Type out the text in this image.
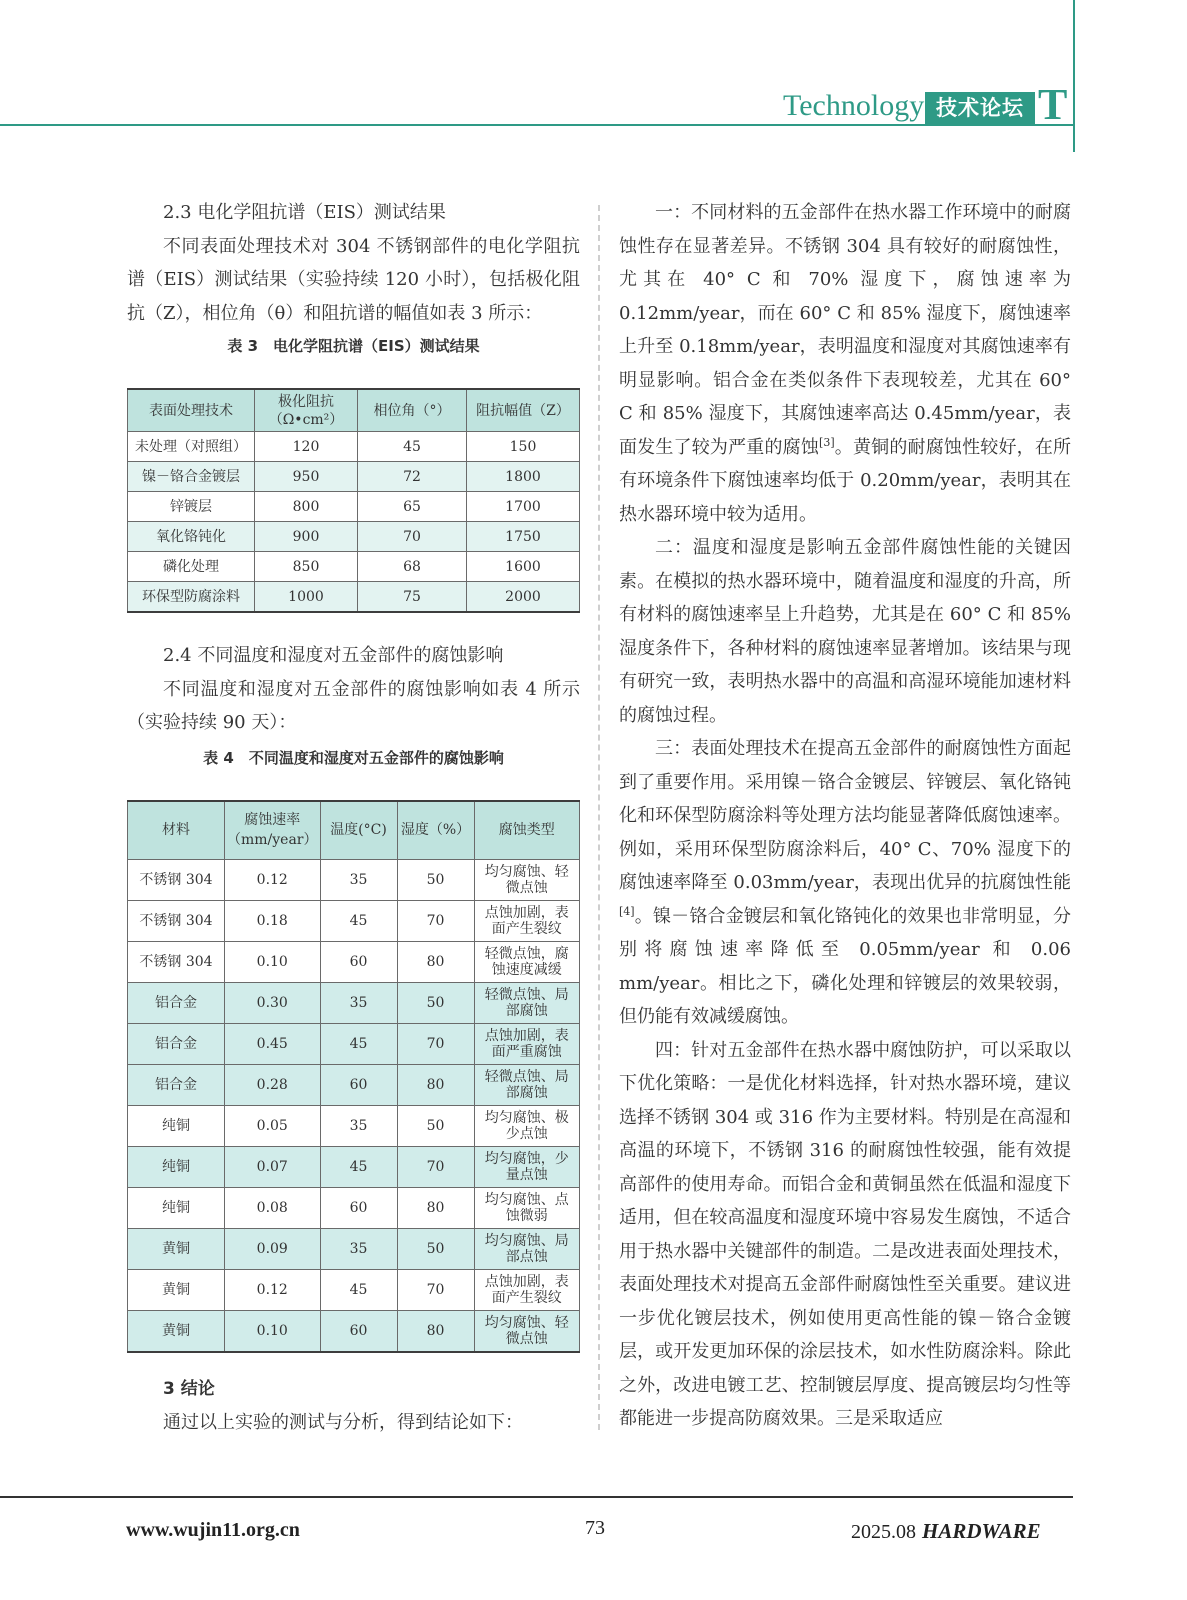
Technology 技术论坛 T

2.3 电化学阻抗谱（EIS）测试结果

不同表面处理技术对 304 不锈钢部件的电化学阻抗谱（EIS）测试结果（实验持续 120 小时），包括极化阻抗（Z），相位角（θ）和阻抗谱的幅值如表 3 所示：

表 3　电化学阻抗谱（EIS）测试结果
表面处理技术	极化阻抗（Ω•cm²）	相位角（°）	阻抗幅值（Z）
未处理（对照组）	120	45	150
镍－铬合金镀层	950	72	1800
锌镀层	800	65	1700
氧化铬钝化	900	70	1750
磷化处理	850	68	1600
环保型防腐涂料	1000	75	2000

2.4 不同温度和湿度对五金部件的腐蚀影响

不同温度和湿度对五金部件的腐蚀影响如表 4 所示（实验持续 90 天）：

表 4　不同温度和湿度对五金部件的腐蚀影响
材料	腐蚀速率（mm/year）	温度(°C)	湿度（%）	腐蚀类型
不锈钢 304	0.12	35	50	均匀腐蚀、轻微点蚀
不锈钢 304	0.18	45	70	点蚀加剧，表面产生裂纹
不锈钢 304	0.10	60	80	轻微点蚀，腐蚀速度减缓
铝合金	0.30	35	50	轻微点蚀、局部腐蚀
铝合金	0.45	45	70	点蚀加剧，表面严重腐蚀
铝合金	0.28	60	80	轻微点蚀、局部腐蚀
纯铜	0.05	35	50	均匀腐蚀、极少点蚀
纯铜	0.07	45	70	均匀腐蚀，少量点蚀
纯铜	0.08	60	80	均匀腐蚀、点蚀微弱
黄铜	0.09	35	50	均匀腐蚀、局部点蚀
黄铜	0.12	45	70	点蚀加剧，表面产生裂纹
黄铜	0.10	60	80	均匀腐蚀、轻微点蚀

3 结论

通过以上实验的测试与分析，得到结论如下：

一：不同材料的五金部件在热水器工作环境中的耐腐蚀性存在显著差异。不锈钢 304 具有较好的耐腐蚀性，尤其在 40° C 和 70% 湿度下，腐蚀速率为 0.12mm/year，而在 60° C 和 85% 湿度下，腐蚀速率上升至 0.18mm/year，表明温度和湿度对其腐蚀速率有明显影响。铝合金在类似条件下表现较差，尤其在 60° C 和 85% 湿度下，其腐蚀速率高达 0.45mm/year，表面发生了较为严重的腐蚀[3]。黄铜的耐腐蚀性较好，在所有环境条件下腐蚀速率均低于 0.20mm/year，表明其在热水器环境中较为适用。

二：温度和湿度是影响五金部件腐蚀性能的关键因素。在模拟的热水器环境中，随着温度和湿度的升高，所有材料的腐蚀速率呈上升趋势，尤其是在 60° C 和 85% 湿度条件下，各种材料的腐蚀速率显著增加。该结果与现有研究一致，表明热水器中的高温和高湿环境能加速材料的腐蚀过程。

三：表面处理技术在提高五金部件的耐腐蚀性方面起到了重要作用。采用镍－铬合金镀层、锌镀层、氧化铬钝化和环保型防腐涂料等处理方法均能显著降低腐蚀速率。例如，采用环保型防腐涂料后，40° C、70% 湿度下的腐蚀速率降至 0.03mm/year，表现出优异的抗腐蚀性能[4]。镍－铬合金镀层和氧化铬钝化的效果也非常明显，分别将腐蚀速率降低至 0.05mm/year 和 0.06 mm/year。相比之下，磷化处理和锌镀层的效果较弱，但仍能有效减缓腐蚀。

四：针对五金部件在热水器中腐蚀防护，可以采取以下优化策略：一是优化材料选择，针对热水器环境，建议选择不锈钢 304 或 316 作为主要材料。特别是在高湿和高温的环境下，不锈钢 316 的耐腐蚀性较强，能有效提高部件的使用寿命。而铝合金和黄铜虽然在低温和湿度下适用，但在较高温度和湿度环境中容易发生腐蚀，不适合用于热水器中关键部件的制造。二是改进表面处理技术，表面处理技术对提高五金部件耐腐蚀性至关重要。建议进一步优化镀层技术，例如使用更高性能的镍－铬合金镀层，或开发更加环保的涂层技术，如水性防腐涂料。除此之外，改进电镀工艺、控制镀层厚度、提高镀层均匀性等都能进一步提高防腐效果。三是采取适应

www.wujin11.org.cn	73	2025.08 HARDWARE
